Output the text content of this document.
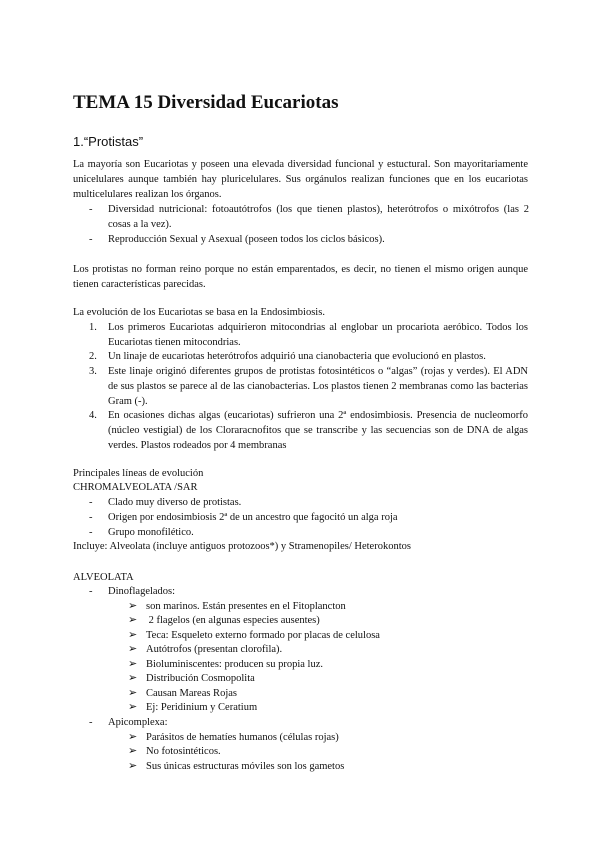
TEMA 15 Diversidad Eucariotas
1.“Protistas”
La mayoría son Eucariotas y poseen una elevada diversidad funcional y estuctural. Son mayoritariamente unicelulares aunque también hay pluricelulares. Sus orgánulos realizan funciones que en los eucariotas multicelulares realizan los órganos.
- Diversidad nutricional: fotoautótrofos (los que tienen plastos), heterótrofos o mixótrofos (las 2 cosas a la vez).
- Reproducción Sexual y Asexual (poseen todos los ciclos básicos).
Los protistas no forman reino porque no están emparentados, es decir, no tienen el mismo origen aunque tienen características parecidas.
La evolución de los Eucariotas se basa en la Endosimbiosis.
1. Los primeros Eucariotas adquirieron mitocondrias al englobar un procariota aeróbico. Todos los Eucariotas tienen mitocondrias.
2. Un linaje de eucariotas heterótrofos adquirió una cianobacteria que evolucionó en plastos.
3. Este linaje originó diferentes grupos de protistas fotosintéticos o “algas” (rojas y verdes). El ADN de sus plastos se parece al de las cianobacterias. Los plastos tienen 2 membranas como las bacterias Gram (-).
4. En ocasiones dichas algas (eucariotas) sufrieron una 2ª endosimbiosis. Presencia de nucleomorfo (núcleo vestigial) de los Cloraracnofitos que se transcribe y las secuencias son de DNA de algas verdes. Plastos rodeados por 4 membranas
Principales líneas de evolución
CHROMALVEOLATA /SAR
- Clado muy diverso de protistas.
- Origen por endosimbiosis 2ª de un ancestro que fagocitó un alga roja
- Grupo monofilético.
Incluye: Alveolata (incluye antiguos protozoos*) y Stramenopiles/ Heterokontos
ALVEOLATA
- Dinoflagelados:
➢ son marinos. Están presentes en el Fitoplancton
➢ 2 flagelos (en algunas especies ausentes)
➢ Teca: Esqueleto externo formado por placas de celulosa
➢ Autótrofos (presentan clorofila).
➢ Bioluminiscentes: producen su propia luz.
➢ Distribución Cosmopolita
➢ Causan Mareas Rojas
➢ Ej: Peridinium y Ceratium
- Apicomplexa:
➢ Parásitos de hematíes humanos (células rojas)
➢ No fotosintéticos.
➢ Sus únicas estructuras móviles son los gametos
